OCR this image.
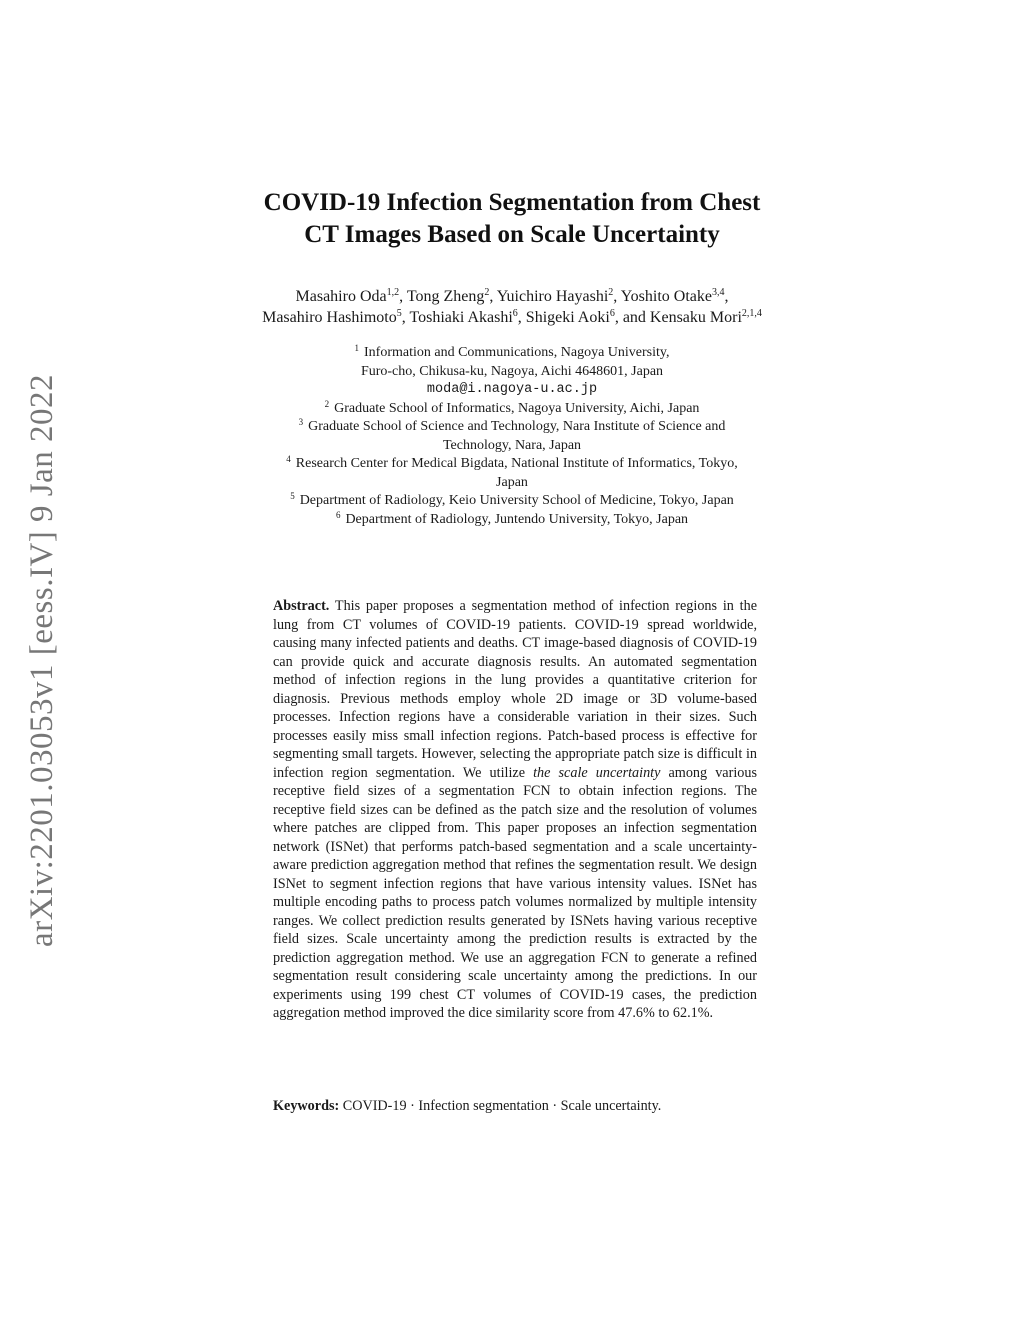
arXiv:2201.03053v1 [eess.IV] 9 Jan 2022
COVID-19 Infection Segmentation from Chest
CT Images Based on Scale Uncertainty
Masahiro Oda$^{1,2}$, Tong Zheng$^2$, Yuichiro Hayashi$^2$, Yoshito Otake$^{3,4}$,
Masahiro Hashimoto$^5$, Toshiaki Akashi$^6$, Shigeki Aoki$^6$, and Kensaku Mori$^{2,1,4}$
$^1$ Information and Communications, Nagoya University,
Furo-cho, Chikusa-ku, Nagoya, Aichi 4648601, Japan
moda@i.nagoya-u.ac.jp
$^2$ Graduate School of Informatics, Nagoya University, Aichi, Japan
$^3$ Graduate School of Science and Technology, Nara Institute of Science and
Technology, Nara, Japan
$^4$ Research Center for Medical Bigdata, National Institute of Informatics, Tokyo,
Japan
$^5$ Department of Radiology, Keio University School of Medicine, Tokyo, Japan
$^6$ Department of Radiology, Juntendo University, Tokyo, Japan
Abstract. This paper proposes a segmentation method of infection regions in the lung from CT volumes of COVID-19 patients. COVID-19 spread worldwide, causing many infected patients and deaths. CT image-based diagnosis of COVID-19 can provide quick and accurate diagnosis results. An automated segmentation method of infection regions in the lung provides a quantitative criterion for diagnosis. Previous methods employ whole 2D image or 3D volume-based processes. Infection regions have a considerable variation in their sizes. Such processes easily miss small infection regions. Patch-based process is effective for segmenting small targets. However, selecting the appropriate patch size is difficult in infection region segmentation. We utilize the scale uncertainty among various receptive field sizes of a segmentation FCN to obtain infection regions. The receptive field sizes can be defined as the patch size and the resolution of volumes where patches are clipped from. This paper proposes an infection segmentation network (ISNet) that performs patch-based segmentation and a scale uncertainty-aware prediction aggregation method that refines the segmentation result. We design ISNet to segment infection regions that have various intensity values. ISNet has multiple encoding paths to process patch volumes normalized by multiple intensity ranges. We collect prediction results generated by ISNets having various receptive field sizes. Scale uncertainty among the prediction results is extracted by the prediction aggregation method. We use an aggregation FCN to generate a refined segmentation result considering scale uncertainty among the predictions. In our experiments using 199 chest CT volumes of COVID-19 cases, the prediction aggregation method improved the dice similarity score from 47.6% to 62.1%.
Keywords: COVID-19 · Infection segmentation · Scale uncertainty.
